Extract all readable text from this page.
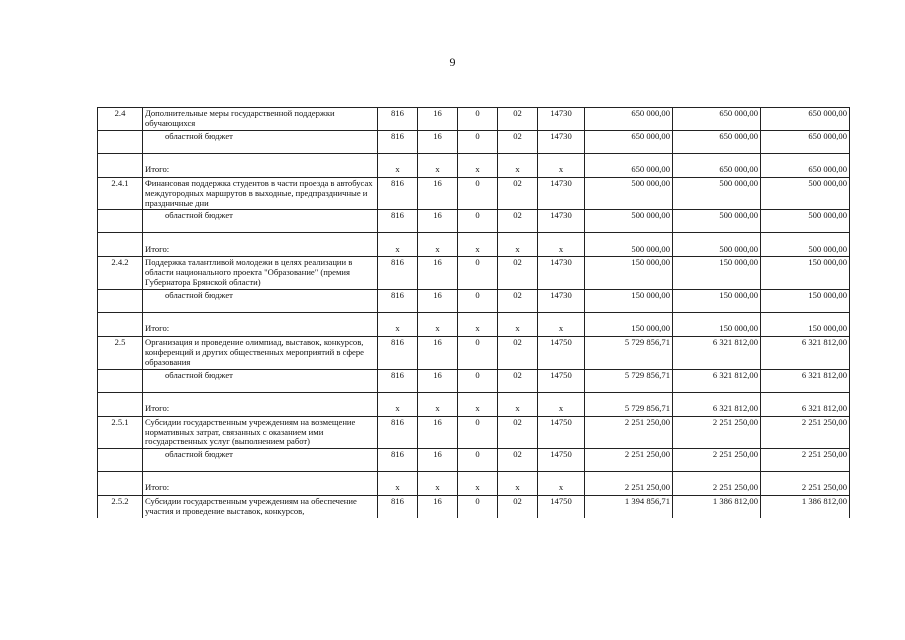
9
2.4	Дополнительные меры государственной поддержки обучающихся	816	16	0	02	14730	650 000,00	650 000,00	650 000,00
	областной бюджет	816	16	0	02	14730	650 000,00	650 000,00	650 000,00
	Итого:	x	x	x	x	x	650 000,00	650 000,00	650 000,00
2.4.1	Финансовая поддержка студентов в части проезда в автобусах междугородных маршрутов в выходные, предпраздничные и праздничные дни	816	16	0	02	14730	500 000,00	500 000,00	500 000,00
	областной бюджет	816	16	0	02	14730	500 000,00	500 000,00	500 000,00
	Итого:	x	x	x	x	x	500 000,00	500 000,00	500 000,00
2.4.2	Поддержка талантливой молодежи в целях реализации в области национального проекта "Образование" (премия Губернатора Брянской области)	816	16	0	02	14730	150 000,00	150 000,00	150 000,00
	областной бюджет	816	16	0	02	14730	150 000,00	150 000,00	150 000,00
	Итого:	x	x	x	x	x	150 000,00	150 000,00	150 000,00
2.5	Организация и проведение олимпиад, выставок, конкурсов, конференций и других общественных мероприятий в сфере образования	816	16	0	02	14750	5 729 856,71	6 321 812,00	6 321 812,00
	областной бюджет	816	16	0	02	14750	5 729 856,71	6 321 812,00	6 321 812,00
	Итого:	x	x	x	x	x	5 729 856,71	6 321 812,00	6 321 812,00
2.5.1	Субсидии государственным учреждениям на возмещение нормативных затрат, связанных с оказанием ими государственных услуг (выполнением работ)	816	16	0	02	14750	2 251 250,00	2 251 250,00	2 251 250,00
	областной бюджет	816	16	0	02	14750	2 251 250,00	2 251 250,00	2 251 250,00
	Итого:	x	x	x	x	x	2 251 250,00	2 251 250,00	2 251 250,00
2.5.2	Субсидии государственным учреждениям на обеспечение участия и проведение выставок, конкурсов,	816	16	0	02	14750	1 394 856,71	1 386 812,00	1 386 812,00
